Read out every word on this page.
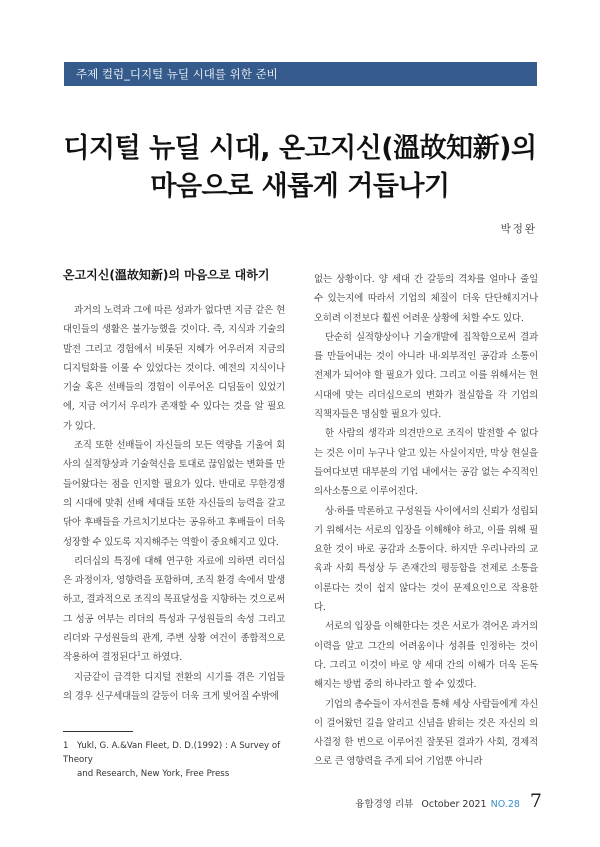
주제 컬럼_디지털 뉴딜 시대를 위한 준비
디지털 뉴딜 시대, 온고지신(溫故知新)의
마음으로 새롭게 거듭나기
박정완
온고지신(溫故知新)의 마음으로 대하기

과거의 노력과 그에 따른 성과가 없다면 지금 같은 현대인들의 생활은 불가능했을 것이다. 즉, 지식과 기술의 발전 그리고 경험에서 비롯된 지혜가 어우러져 지금의 디지털화를 이룰 수 있었다는 것이다. 예전의 지식이나 기술 혹은 선배들의 경험이 이루어온 디딤돌이 있었기에, 지금 여기서 우리가 존재할 수 있다는 것을 알 필요가 있다.

조직 또한 선배들이 자신들의 모든 역량을 기울여 회사의 실적향상과 기술혁신을 토대로 끊임없는 변화를 만들어왔다는 점을 인지할 필요가 있다. 반대로 무한경쟁의 시대에 맞춰 선배 세대들 또한 자신들의 능력을 갈고 닦아 후배들을 가르치기보다는 공유하고 후배들이 더욱 성장할 수 있도록 지지해주는 역할이 중요해지고 있다.

리더십의 특징에 대해 연구한 자료에 의하면 리더십은 과정이자, 영향력을 포함하며, 조직 환경 속에서 발생하고, 결과적으로 조직의 목표달성을 지향하는 것으로써 그 성공 여부는 리더의 특성과 구성원들의 속성 그리고 리더와 구성원들의 관계, 주변 상황 여건이 종합적으로 작용하여 결정된다$^1$고 하였다.

지금같이 급격한 디지털 전환의 시기를 겪은 기업들의 경우 신구세대들의 갈등이 더욱 크게 빚어질 수밖에

없는 상황이다. 양 세대 간 갈등의 격차를 얼마나 줄일 수 있는지에 따라서 기업의 체질이 더욱 단단해지거나 오히려 이전보다 훨씬 어려운 상황에 처할 수도 있다.

단순히 실적향상이나 기술개발에 집착함으로써 결과를 만들어내는 것이 아니라 내·외부적인 공감과 소통이 전제가 되어야 할 필요가 있다. 그리고 이를 위해서는 현 시대에 맞는 리더십으로의 변화가 절실함을 각 기업의 직책자들은 명심할 필요가 있다.

한 사람의 생각과 의견만으로 조직이 발전할 수 없다는 것은 이미 누구나 알고 있는 사실이지만, 막상 현실을 들여다보면 대부분의 기업 내에서는 공감 없는 수직적인 의사소통으로 이루어진다.

상·하를 막론하고 구성원들 사이에서의 신뢰가 성립되기 위해서는 서로의 입장을 이해해야 하고, 이를 위해 필요한 것이 바로 공감과 소통이다. 하지만 우리나라의 교육과 사회 특성상 두 존재간의 평등함을 전제로 소통을 이룬다는 것이 쉽지 않다는 것이 문제요인으로 작용한다.

서로의 입장을 이해한다는 것은 서로가 겪어온 과거의 이력을 알고 그간의 어려움이나 성취를 인정하는 것이다. 그리고 이것이 바로 양 세대 간의 이해가 더욱 돈독해지는 방법 중의 하나라고 할 수 있겠다.

기업의 총수들이 자서전을 통해 세상 사람들에게 자신이 걸어왔던 길을 알리고 신념을 밝히는 것은 자신의 의사결정 한 번으로 이루어진 잘못된 결과가 사회, 경제적으로 큰 영향력을 주게 되어 기업뿐 아니라

1 Yukl, G. A.&Van Fleet, D. D.(1992) : A Survey of Theory
and Research, New York, Free Press
융합경영 리뷰 October 2021 NO.28 7
